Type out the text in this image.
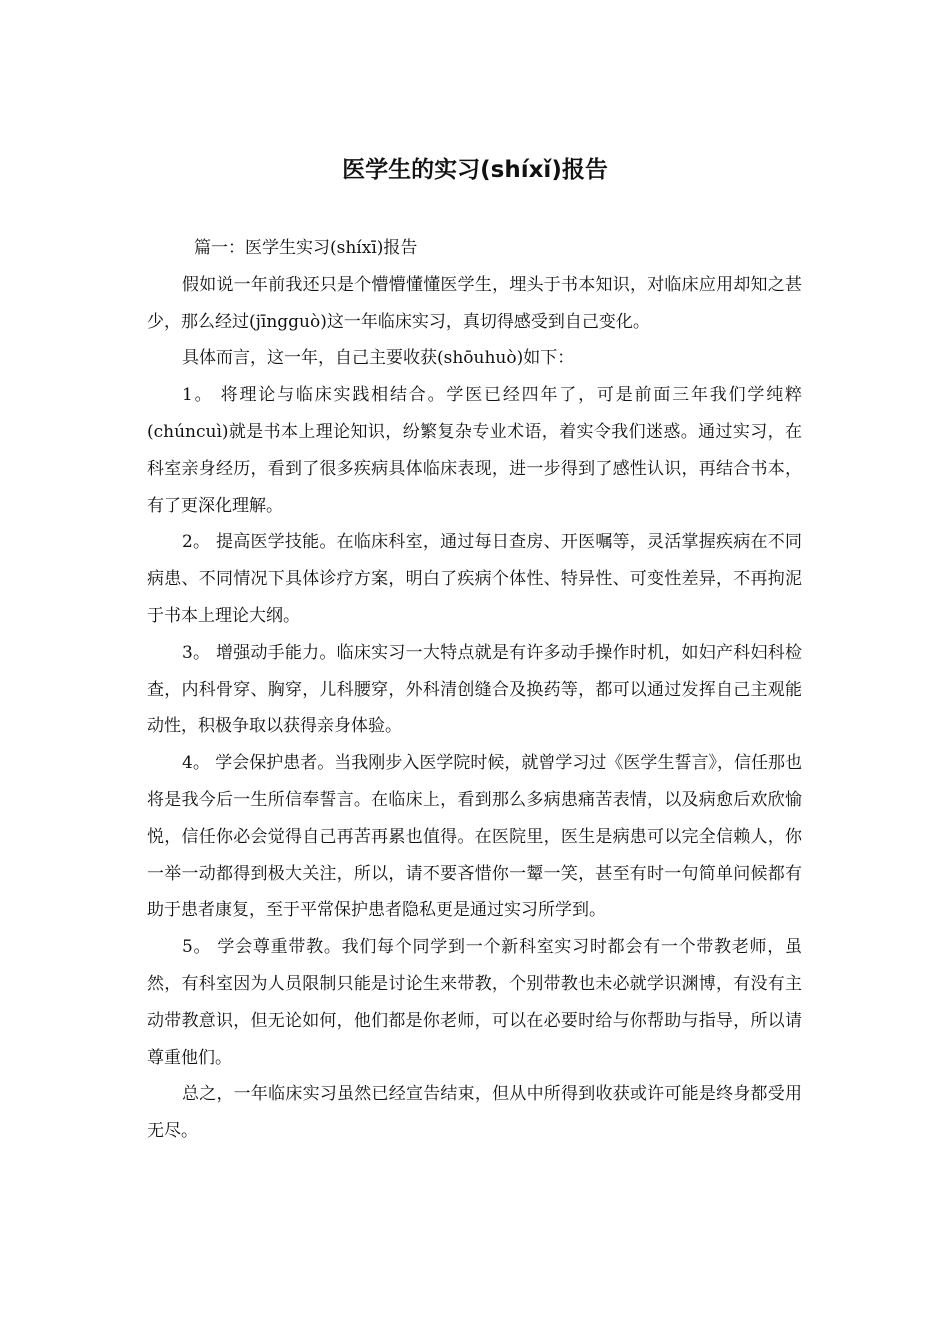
医学生的实习(shíxǐ)报告

篇一：医学生实习(shíxī)报告

假如说一年前我还只是个懵懵懂懂医学生，埋头于书本知识，对临床应用却知之甚少，那么经过(jīngguò)这一年临床实习，真切得感受到自己变化。

具体而言，这一年，自己主要收获(shōuhuò)如下：

1。 将理论与临床实践相结合。学医已经四年了，可是前面三年我们学纯粹(chúncuì)就是书本上理论知识，纷繁复杂专业术语，着实令我们迷惑。通过实习，在科室亲身经历，看到了很多疾病具体临床表现，进一步得到了感性认识，再结合书本，有了更深化理解。

2。 提高医学技能。在临床科室，通过每日查房、开医嘱等，灵活掌握疾病在不同病患、不同情况下具体诊疗方案，明白了疾病个体性、特异性、可变性差异，不再拘泥于书本上理论大纲。

3。 增强动手能力。临床实习一大特点就是有许多动手操作时机，如妇产科妇科检查，内科骨穿、胸穿，儿科腰穿，外科清创缝合及换药等，都可以通过发挥自己主观能动性，积极争取以获得亲身体验。

4。 学会保护患者。当我刚步入医学院时候，就曾学习过《医学生誓言》，信任那也将是我今后一生所信奉誓言。在临床上，看到那么多病患痛苦表情，以及病愈后欢欣愉悦，信任你必会觉得自己再苦再累也值得。在医院里，医生是病患可以完全信赖人，你一举一动都得到极大关注，所以，请不要吝惜你一颦一笑，甚至有时一句简单问候都有助于患者康复，至于平常保护患者隐私更是通过实习所学到。

5。 学会尊重带教。我们每个同学到一个新科室实习时都会有一个带教老师，虽然，有科室因为人员限制只能是讨论生来带教，个别带教也未必就学识渊博，有没有主动带教意识，但无论如何，他们都是你老师，可以在必要时给与你帮助与指导，所以请尊重他们。

总之，一年临床实习虽然已经宣告结束，但从中所得到收获或许可能是终身都受用无尽。
